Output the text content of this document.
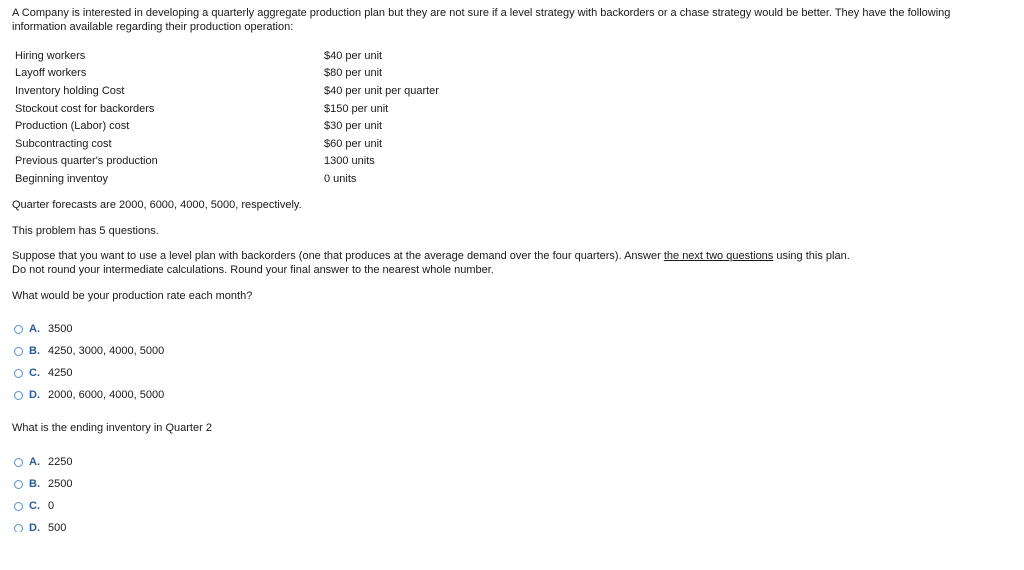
A Company is interested in developing a quarterly aggregate production plan but they are not sure if a level strategy with backorders or a chase strategy would be better. They have the following information available regarding their production operation:
Hiring workers	$40 per unit
Layoff workers	$80 per unit
Inventory holding Cost	$40 per unit per quarter
Stockout cost for backorders	$150 per unit
Production (Labor) cost	$30 per unit
Subcontracting cost	$60 per unit
Previous quarter's production	1300 units
Beginning inventoy	0 units
Quarter forecasts are 2000, 6000, 4000, 5000, respectively.
This problem has 5 questions.
Suppose that you want to use a level plan with backorders (one that produces at the average demand over the four quarters). Answer the next two questions using this plan.
Do not round your intermediate calculations. Round your final answer to the nearest whole number.
What would be your production rate each month?
A. 3500
B. 4250, 3000, 4000, 5000
C. 4250
D. 2000, 6000, 4000, 5000
What is the ending inventory in Quarter 2
A. 2250
B. 2500
C. 0
D. 500
